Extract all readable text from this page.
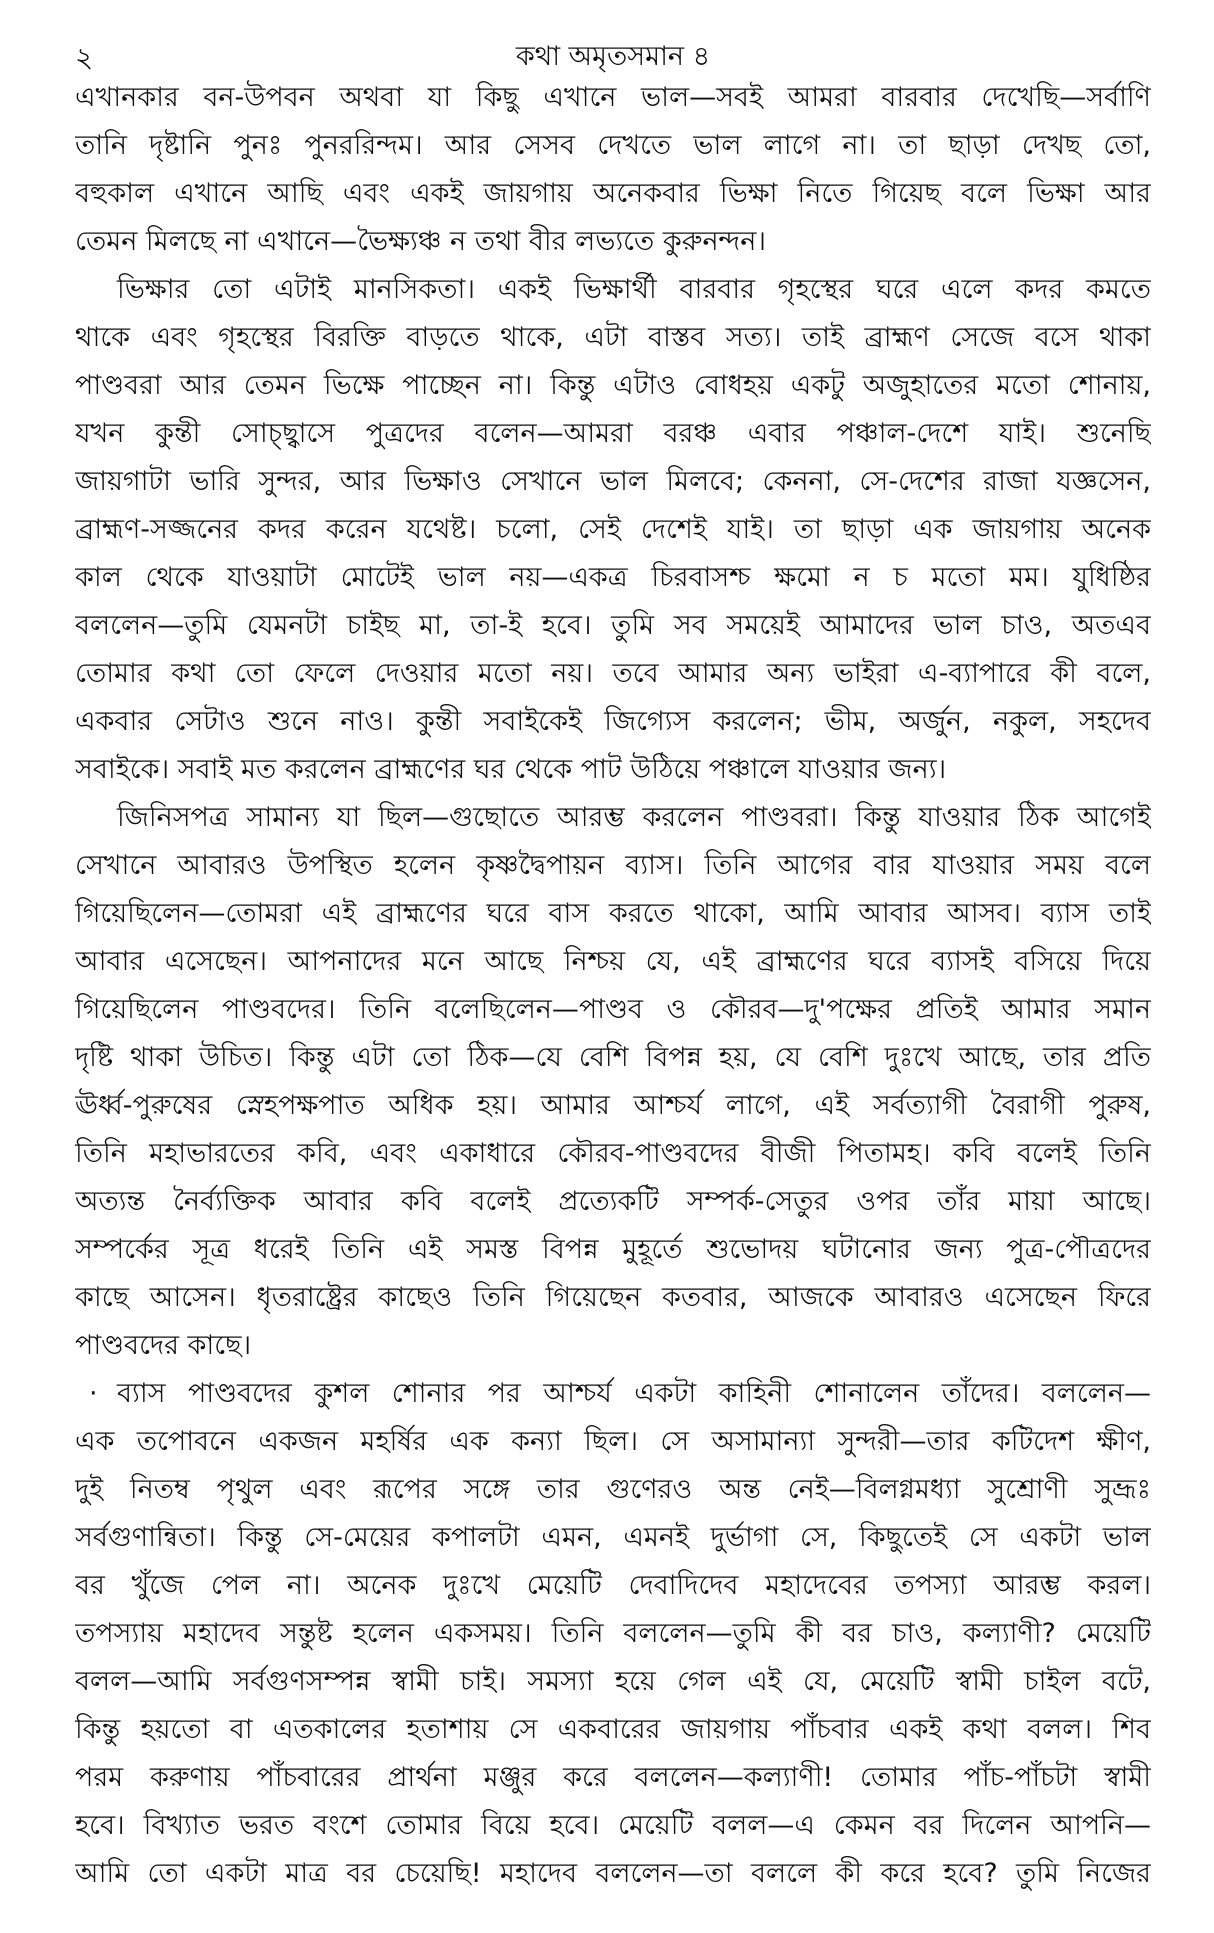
২	কথা অমৃতসমান ৪
এখানকার বন-উপবন অথবা যা কিছু এখানে ভাল—সবই আমরা বারবার দেখেছি—সর্বাণি
তানি দৃষ্টানি পুনঃ পুনররিন্দম। আর সেসব দেখতে ভাল লাগে না। তা ছাড়া দেখছ তো,
বহুকাল এখানে আছি এবং একই জায়গায় অনেকবার ভিক্ষা নিতে গিয়েছ বলে ভিক্ষা আর
তেমন মিলছে না এখানে—ভৈক্ষ্যঞ্চ ন তথা বীর লভ্যতে কুরুনন্দন।
ভিক্ষার তো এটাই মানসিকতা। একই ভিক্ষার্থী বারবার গৃহস্থের ঘরে এলে কদর কমতে
থাকে এবং গৃহস্থের বিরক্তি বাড়তে থাকে, এটা বাস্তব সত্য। তাই ব্রাহ্মণ সেজে বসে থাকা
পাণ্ডবরা আর তেমন ভিক্ষে পাচ্ছেন না। কিন্তু এটাও বোধহয় একটু অজুহাতের মতো শোনায়,
যখন কুন্তী সোচ্ছ্বাসে পুত্রদের বলেন—আমরা বরঞ্চ এবার পঞ্চাল-দেশে যাই। শুনেছি
জায়গাটা ভারি সুন্দর, আর ভিক্ষাও সেখানে ভাল মিলবে; কেননা, সে-দেশের রাজা যজ্ঞসেন,
ব্রাহ্মণ-সজ্জনের কদর করেন যথেষ্ট। চলো, সেই দেশেই যাই। তা ছাড়া এক জায়গায় অনেক
কাল থেকে যাওয়াটা মোটেই ভাল নয়—একত্র চিরবাসশ্চ ক্ষমো ন চ মতো মম। যুধিষ্ঠির
বললেন—তুমি যেমনটা চাইছ মা, তা-ই হবে। তুমি সব সময়েই আমাদের ভাল চাও, অতএব
তোমার কথা তো ফেলে দেওয়ার মতো নয়। তবে আমার অন্য ভাইরা এ-ব্যাপারে কী বলে,
একবার সেটাও শুনে নাও। কুন্তী সবাইকেই জিগ্যেস করলেন; ভীম, অর্জুন, নকুল, সহদেব
সবাইকে। সবাই মত করলেন ব্রাহ্মণের ঘর থেকে পাট উঠিয়ে পঞ্চালে যাওয়ার জন্য।
জিনিসপত্র সামান্য যা ছিল—গুছোতে আরম্ভ করলেন পাণ্ডবরা। কিন্তু যাওয়ার ঠিক আগেই
সেখানে আবারও উপস্থিত হলেন কৃষ্ণদ্বৈপায়ন ব্যাস। তিনি আগের বার যাওয়ার সময় বলে
গিয়েছিলেন—তোমরা এই ব্রাহ্মণের ঘরে বাস করতে থাকো, আমি আবার আসব। ব্যাস তাই
আবার এসেছেন। আপনাদের মনে আছে নিশ্চয় যে, এই ব্রাহ্মণের ঘরে ব্যাসই বসিয়ে দিয়ে
গিয়েছিলেন পাণ্ডবদের। তিনি বলেছিলেন—পাণ্ডব ও কৌরব—দু'পক্ষের প্রতিই আমার সমান
দৃষ্টি থাকা উচিত। কিন্তু এটা তো ঠিক—যে বেশি বিপন্ন হয়, যে বেশি দুঃখে আছে, তার প্রতি
ঊর্ধ্ব-পুরুষের স্নেহপক্ষপাত অধিক হয়। আমার আশ্চর্য লাগে, এই সর্বত্যাগী বৈরাগী পুরুষ,
তিনি মহাভারতের কবি, এবং একাধারে কৌরব-পাণ্ডবদের বীজী পিতামহ। কবি বলেই তিনি
অত্যন্ত নৈর্ব্যক্তিক আবার কবি বলেই প্রত্যেকটি সম্পর্ক-সেতুর ওপর তাঁর মায়া আছে।
সম্পর্কের সূত্র ধরেই তিনি এই সমস্ত বিপন্ন মুহূর্তে শুভোদয় ঘটানোর জন্য পুত্র-পৌত্রদের
কাছে আসেন। ধৃতরাষ্ট্রের কাছেও তিনি গিয়েছেন কতবার, আজকে আবারও এসেছেন ফিরে
পাণ্ডবদের কাছে।
· ব্যাস পাণ্ডবদের কুশল শোনার পর আশ্চর্য একটা কাহিনী শোনালেন তাঁদের। বললেন—
এক তপোবনে একজন মহর্ষির এক কন্যা ছিল। সে অসামান্যা সুন্দরী—তার কটিদেশ ক্ষীণ,
দুই নিতম্ব পৃথুল এবং রূপের সঙ্গে তার গুণেরও অন্ত নেই—বিলগ্নমধ্যা সুশ্রোণী সুভ্রূঃ
সর্বগুণান্বিতা। কিন্তু সে-মেয়ের কপালটা এমন, এমনই দুর্ভাগা সে, কিছুতেই সে একটা ভাল
বর খুঁজে পেল না। অনেক দুঃখে মেয়েটি দেবাদিদেব মহাদেবের তপস্যা আরম্ভ করল।
তপস্যায় মহাদেব সন্তুষ্ট হলেন একসময়। তিনি বললেন—তুমি কী বর চাও, কল্যাণী? মেয়েটি
বলল—আমি সর্বগুণসম্পন্ন স্বামী চাই। সমস্যা হয়ে গেল এই যে, মেয়েটি স্বামী চাইল বটে,
কিন্তু হয়তো বা এতকালের হতাশায় সে একবারের জায়গায় পাঁচবার একই কথা বলল। শিব
পরম করুণায় পাঁচবারের প্রার্থনা মঞ্জুর করে বললেন—কল্যাণী! তোমার পাঁচ-পাঁচটা স্বামী
হবে। বিখ্যাত ভরত বংশে তোমার বিয়ে হবে। মেয়েটি বলল—এ কেমন বর দিলেন আপনি—
আমি তো একটা মাত্র বর চেয়েছি! মহাদেব বললেন—তা বললে কী করে হবে? তুমি নিজের
